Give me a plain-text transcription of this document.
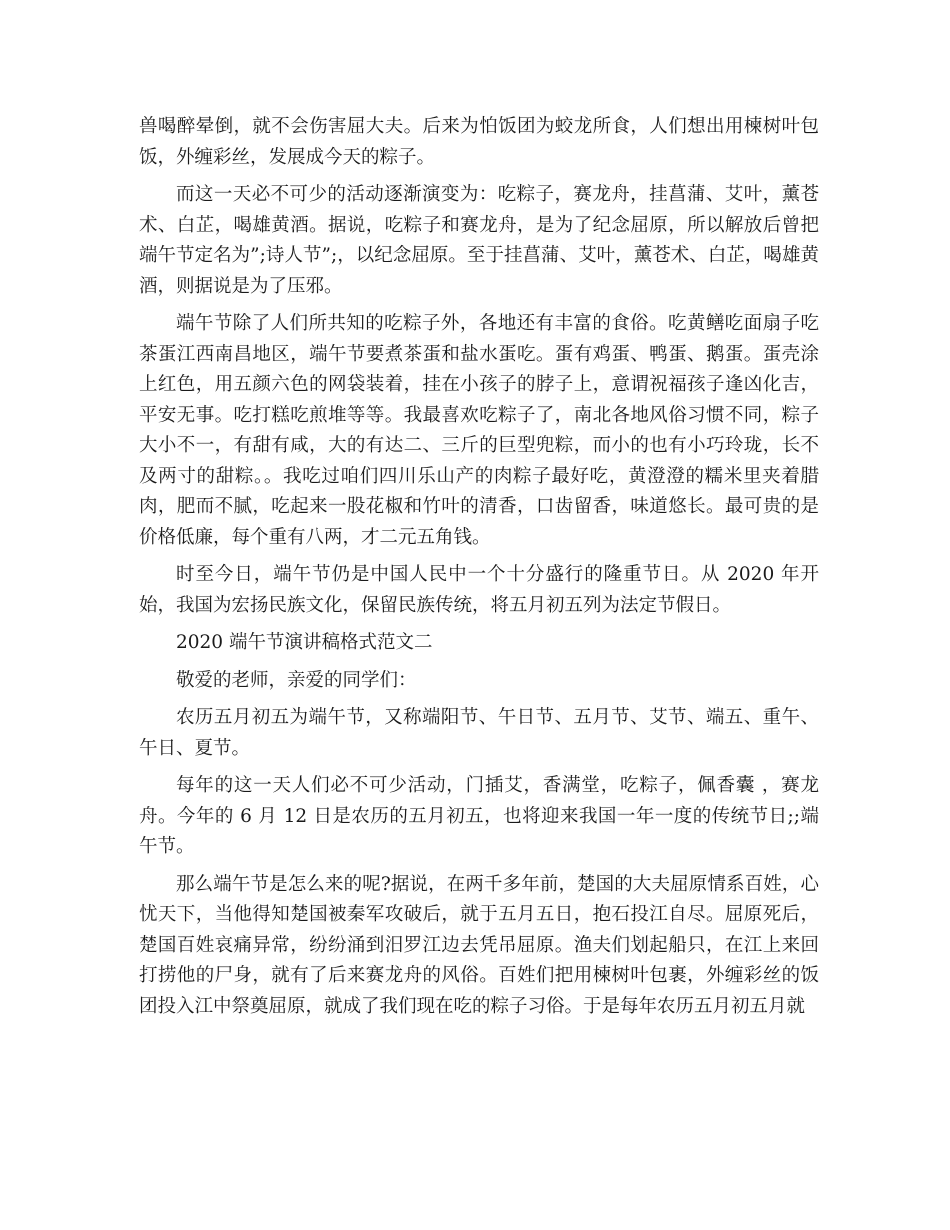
兽喝醉晕倒，就不会伤害屈大夫。后来为怕饭团为蛟龙所食，人们想出用楝树叶包饭，外缠彩丝，发展成今天的粽子。

而这一天必不可少的活动逐渐演变为：吃粽子，赛龙舟，挂菖蒲、艾叶，薰苍术、白芷，喝雄黄酒。据说，吃粽子和赛龙舟，是为了纪念屈原，所以解放后曾把端午节定名为”;诗人节”;，以纪念屈原。至于挂菖蒲、艾叶，薰苍术、白芷，喝雄黄酒，则据说是为了压邪。

端午节除了人们所共知的吃粽子外，各地还有丰富的食俗。吃黄鳝吃面扇子吃茶蛋江西南昌地区，端午节要煮茶蛋和盐水蛋吃。蛋有鸡蛋、鸭蛋、鹅蛋。蛋壳涂上红色，用五颜六色的网袋装着，挂在小孩子的脖子上，意谓祝福孩子逢凶化吉，平安无事。吃打糕吃煎堆等等。我最喜欢吃粽子了，南北各地风俗习惯不同，粽子大小不一，有甜有咸，大的有达二、三斤的巨型兜粽，而小的也有小巧玲珑，长不及两寸的甜粽。。我吃过咱们四川乐山产的肉粽子最好吃，黄澄澄的糯米里夹着腊肉，肥而不腻，吃起来一股花椒和竹叶的清香，口齿留香，味道悠长。最可贵的是价格低廉，每个重有八两，才二元五角钱。

时至今日，端午节仍是中国人民中一个十分盛行的隆重节日。从 2020 年开始，我国为宏扬民族文化，保留民族传统，将五月初五列为法定节假日。

2020 端午节演讲稿格式范文二

敬爱的老师，亲爱的同学们：

农历五月初五为端午节，又称端阳节、午日节、五月节、艾节、端五、重午、午日、夏节。

每年的这一天人们必不可少活动，门插艾，香满堂，吃粽子，佩香囊 ，赛龙舟。今年的 6 月 12 日是农历的五月初五，也将迎来我国一年一度的传统节日;;端午节。

那么端午节是怎么来的呢?据说，在两千多年前，楚国的大夫屈原情系百姓，心忧天下，当他得知楚国被秦军攻破后，就于五月五日，抱石投江自尽。屈原死后，楚国百姓哀痛异常，纷纷涌到汨罗江边去凭吊屈原。渔夫们划起船只，在江上来回打捞他的尸身，就有了后来赛龙舟的风俗。百姓们把用楝树叶包裹，外缠彩丝的饭团投入江中祭奠屈原，就成了我们现在吃的粽子习俗。于是每年农历五月初五月就
